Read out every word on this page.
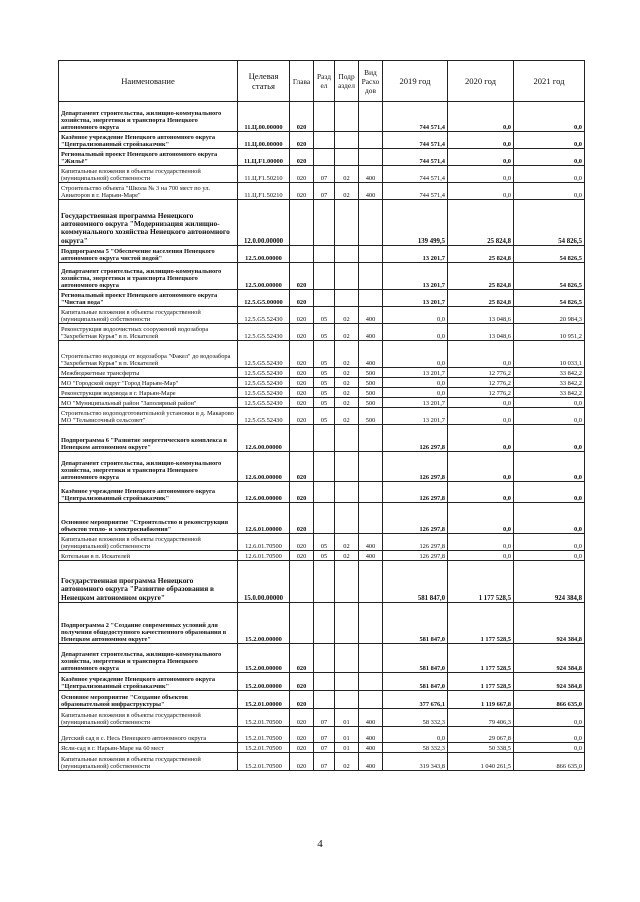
Наименование	Целевая статья	Глава	Разд ел	Подр аздел	Вид Расхо дов	2019 год	2020 год	2021 год
Департамент строительства, жилищно-коммунального хозяйства, энергетики и транспорта Ненецкого автономного округа	11.Ц.00.00000	020				744 571,4	0,0	0,0
Казённое учреждение Ненецкого автономного округа "Централизованный стройзаказчик"	11.Ц.00.00000	020				744 571,4	0,0	0,0
Региональный проект Ненецкого автономного округа "Жильё"	11.Ц.F1.00000	020				744 571,4	0,0	0,0
Капитальные вложения в объекты государственной (муниципальной) собственности	11.Ц.F1.50210	020	07	02	400	744 571,4	0,0	0,0
Строительство объекта "Школа № 3 на 700 мест по ул. Авиаторов в г. Нарьян-Маре"	11.Ц.F1.50210	020	07	02	400	744 571,4	0,0	0,0
Государственная программа Ненецкого автономного округа "Модернизация жилищно-коммунального хозяйства Ненецкого автономного округа"	12.0.00.00000					139 499,5	25 824,8	54 826,5
Подпрограмма 5 "Обеспечение населения Ненецкого автономного округа чистой водой"	12.5.00.00000					13 201,7	25 824,8	54 826,5
Департамент строительства, жилищно-коммунального хозяйства, энергетики и транспорта Ненецкого автономного округа	12.5.00.00000	020				13 201,7	25 824,8	54 826,5
Региональный проект Ненецкого автономного округа "Чистая вода"	12.5.G5.00000	020				13 201,7	25 824,8	54 826,5
Капитальные вложения в объекты государственной (муниципальной) собственности	12.5.G5.52430	020	05	02	400	0,0	13 048,6	20 984,3
Реконструкция водоочистных сооружений водозабора "Захребетная Курья" в п. Искателей	12.5.G5.52430	020	05	02	400	0,0	13 048,6	10 951,2
Строительство водовода от водозабора "Факел" до водозабора "Захребетная Курья" в п. Искателей	12.5.G5.52430	020	05	02	400	0,0	0,0	10 033,1
Межбюджетные трансферты	12.5.G5.52430	020	05	02	500	13 201,7	12 776,2	33 842,2
МО "Городской округ "Город Нарьян-Мар"	12.5.G5.52430	020	05	02	500	0,0	12 776,2	33 842,2
Реконструкция водовода в г. Нарьян-Маре	12.5.G5.52430	020	05	02	500	0,0	12 776,2	33 842,2
МО "Муниципальный район "Заполярный район"	12.5.G5.52430	020	05	02	500	13 201,7	0,0	0,0
Строительство водоподготовительной установки в д. Макарово МО "Тельвисочный сельсовет"	12.5.G5.52430	020	05	02	500	13 201,7	0,0	0,0
Подпрограмма 6 "Развитие энергетического комплекса в Ненецком автономном округе"	12.6.00.00000					126 297,8	0,0	0,0
Департамент строительства, жилищно-коммунального хозяйства, энергетики и транспорта Ненецкого автономного округа	12.6.00.00000	020				126 297,8	0,0	0,0
Казённое учреждение Ненецкого автономного округа "Централизованный стройзаказчик"	12.6.00.00000	020				126 297,8	0,0	0,0
Основное мероприятие "Строительство и реконструкция объектов тепло- и электроснабжения"	12.6.01.00000	020				126 297,8	0,0	0,0
Капитальные вложения в объекты государственной (муниципальной) собственности	12.6.01.70500	020	05	02	400	126 297,8	0,0	0,0
Котельная в п. Искателей	12.6.01.70500	020	05	02	400	126 297,8	0,0	0,0
Государственная программа Ненецкого автономного округа "Развитие образования в Ненецком автономном округе"	15.0.00.00000					581 847,0	1 177 528,5	924 384,8
Подпрограмма 2 "Создание современных условий для получения общедоступного качественного образования в Ненецком автономном округе"	15.2.00.00000					581 847,0	1 177 528,5	924 384,8
Департамент строительства, жилищно-коммунального хозяйства, энергетики и транспорта Ненецкого автономного округа	15.2.00.00000	020				581 847,0	1 177 528,5	924 384,8
Казённое учреждение Ненецкого автономного округа "Централизованный стройзаказчик"	15.2.00.00000	020				581 847,0	1 177 528,5	924 384,8
Основное мероприятие "Создание объектов образовательной инфраструктуры"	15.2.01.00000	020				377 676,1	1 119 667,8	866 635,0
Капитальные вложения в объекты государственной (муниципальной) собственности	15.2.01.70500	020	07	01	400	58 332,3	79 406,3	0,0
Детский сад в с. Несь Ненецкого автономного округа	15.2.01.70500	020	07	01	400	0,0	29 067,8	0,0
Ясли-сад в г. Нарьян-Маре на 60 мест	15.2.01.70500	020	07	01	400	58 332,3	50 338,5	0,0
Капитальные вложения в объекты государственной (муниципальной) собственности	15.2.01.70500	020	07	02	400	319 343,8	1 040 261,5	866 635,0
4
